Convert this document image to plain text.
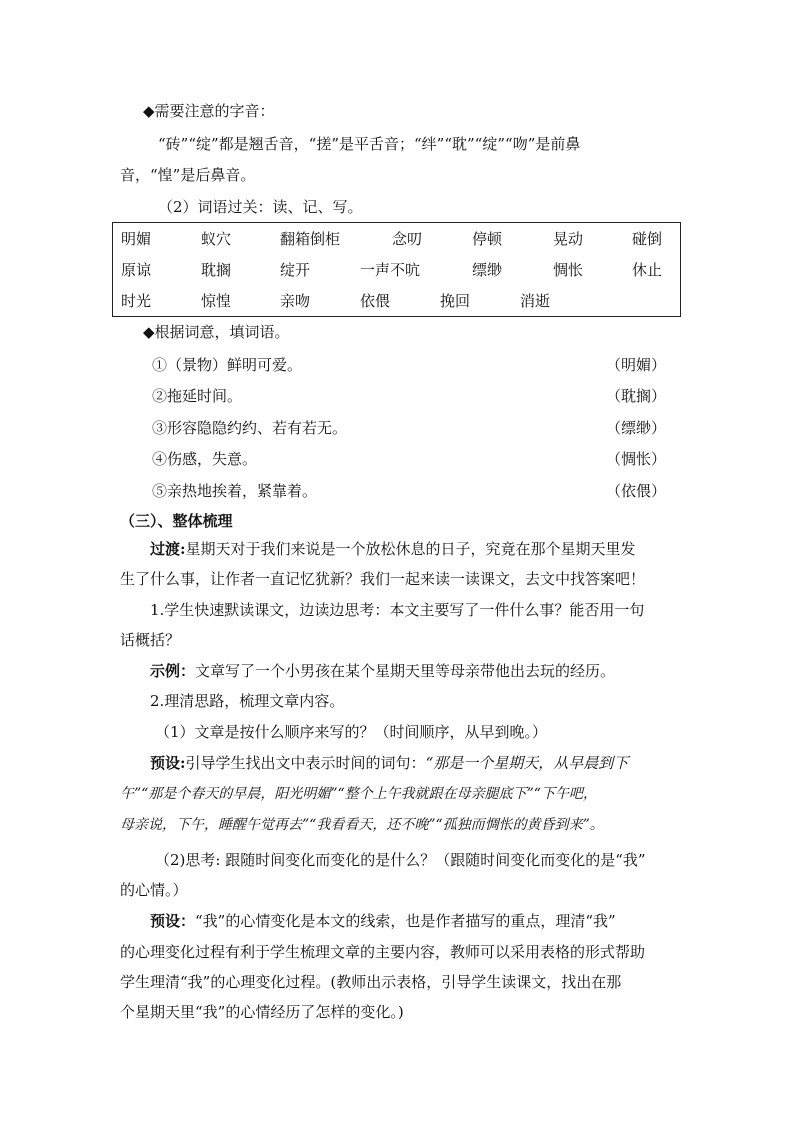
◆需要注意的字音：
“砖”“绽”都是翘舌音，“搓”是平舌音；“绊”“耽”“绽”“吻”是前鼻
音，“惶”是后鼻音。
（2）词语过关：读、记、写。
明媚	蚁穴	翻箱倒柜	念叨	停顿	晃动	碰倒
原谅	耽搁	绽开	一声不吭	缥缈	惆怅	休止
时光	惊惶	亲吻	依偎	挽回	消逝
◆根据词意，填词语。
①（景物）鲜明可爱。	（明媚）
②拖延时间。	（耽搁）
③形容隐隐约约、若有若无。	（缥缈）
④伤感，失意。	（惆怅）
⑤亲热地挨着，紧靠着。	（依偎）
（三）、整体梳理
过渡:星期天对于我们来说是一个放松休息的日子，究竟在那个星期天里发
生了什么事，让作者一直记忆犹新？我们一起来读一读课文，去文中找答案吧！
1.学生快速默读课文，边读边思考：本文主要写了一件什么事？能否用一句
话概括？
示例：文章写了一个小男孩在某个星期天里等母亲带他出去玩的经历。
2.理清思路，梳理文章内容。
（1）文章是按什么顺序来写的？（时间顺序，从早到晚。）
预设:引导学生找出文中表示时间的词句：“那是一个星期天，从早晨到下
午”“那是个春天的早晨，阳光明媚”“整个上午我就跟在母亲腿底下”“下午吧，
母亲说，下午，睡醒午觉再去”“我看看天，还不晚”“孤独而惆怅的黄昏到来”。
（2)思考: 跟随时间变化而变化的是什么？（跟随时间变化而变化的是“我”
的心情。）
预设：“我”的心情变化是本文的线索，也是作者描写的重点，理清“我”
的心理变化过程有利于学生梳理文章的主要内容，教师可以采用表格的形式帮助
学生理清“我”的心理变化过程。(教师出示表格，引导学生读课文，找出在那
个星期天里“我”的心情经历了怎样的变化。)
